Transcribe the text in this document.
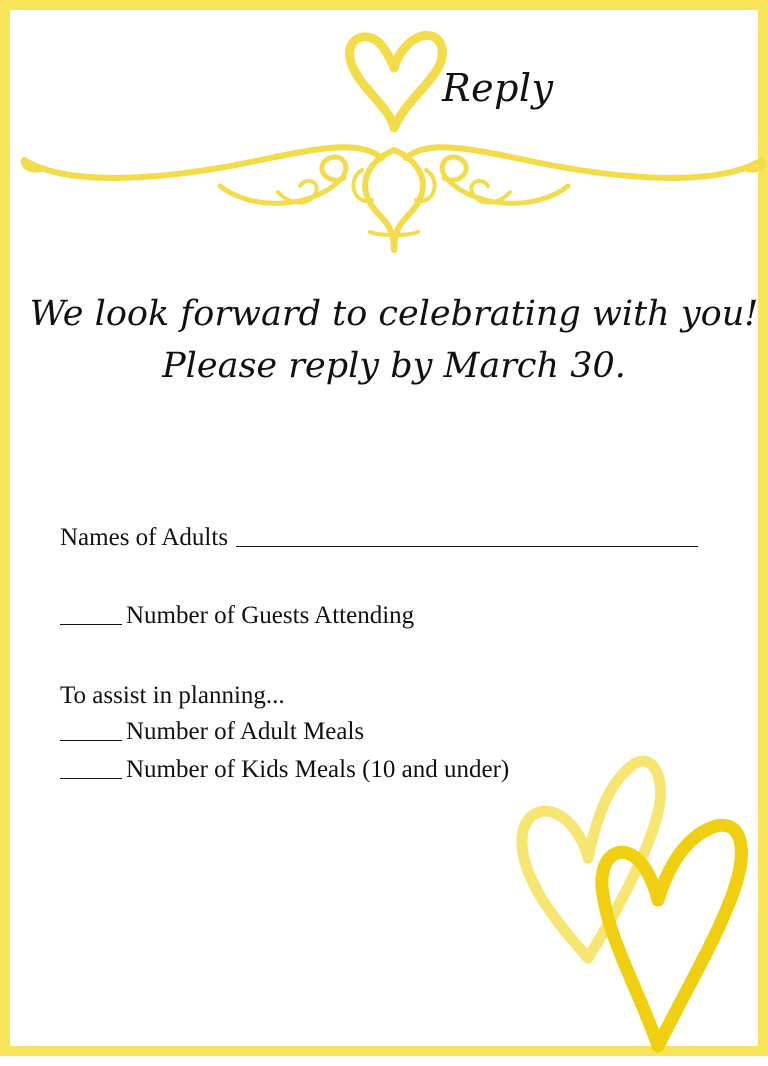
Reply
We look forward to celebrating with you!
Please reply by March 30.
Names of Adults
Number of Guests Attending
To assist in planning...
Number of Adult Meals
Number of Kids Meals (10 and under)
